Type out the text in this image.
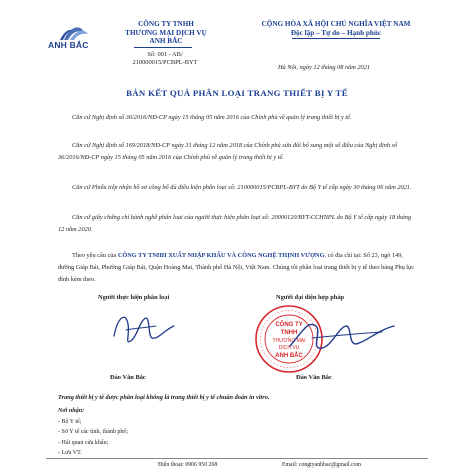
ANH BẮC
CÔNG TY TNHH
THƯƠNG MẠI DỊCH VỤ
ANH BẮC
Số: 001 - AB/
210000015/PCBPL-BYT
CỘNG HÒA XÃ HỘI CHỦ NGHĨA VIỆT NAM
Độc lập – Tự do – Hạnh phúc
Hà Nội, ngày 12 tháng 08 năm 2021
BẢN KẾT QUẢ PHÂN LOẠI TRANG THIẾT BỊ Y TẾ
Căn cứ Nghị định số 36/2016/NĐ-CP ngày 15 tháng 05 năm 2016 của Chính phủ về quản lý trang thiết bị y tế.
Căn cứ Nghị định số 169/2018/NĐ-CP ngày 31 tháng 12 năm 2018 của Chính phủ sửa đổi bổ sung một số điều của Nghị định số 36/2016/NĐ-CP ngày 15 tháng 05 năm 2016 của Chính phủ về quản lý trang thiết bị y tế.
Căn cứ Phiếu tiếp nhận hồ sơ công bố đủ điều kiện phân loại số: 210000015/PCBPL-BYT do Bộ Y tế cấp ngày 30 tháng 06 năm 2021.
Căn cứ giấy chứng chỉ hành nghề phân loại của người thực hiện phân loại số: 20000120/BYT-CCHNPL do Bộ Y tế cấp ngày 18 tháng 12 năm 2020.
Theo yêu cầu của CÔNG TY TNHH XUẤT NHẬP KHẨU VÀ CÔNG NGHỆ THỊNH VƯỢNG, có địa chỉ tại: Số 23, ngõ 149, đường Giáp Bát, Phường Giáp Bát, Quận Hoàng Mai, Thành phố Hà Nội, Việt Nam. Chúng tôi phân loại trang thiết bị y tế theo bảng Phụ lục đính kèm theo.
Người thực hiện phân loại
Đào Văn Bắc
Người đại diện hợp pháp
CÔNG TY
TNHH
THƯƠNG MẠI
DỊCH VỤ
ANH BẮC
Đào Văn Bắc
Trang thiết bị y tế được phân loại không là trang thiết bị y tế chuẩn đoán in vitro.
Nơi nhận:
- Bộ Y tế;
- Sở Y tế các tỉnh, thành phố;
- Hải quan cửa khẩu;
- Lưu VT.
Điện thoại: 0906 950 268	Email: congtyanhbac@gmail.com
